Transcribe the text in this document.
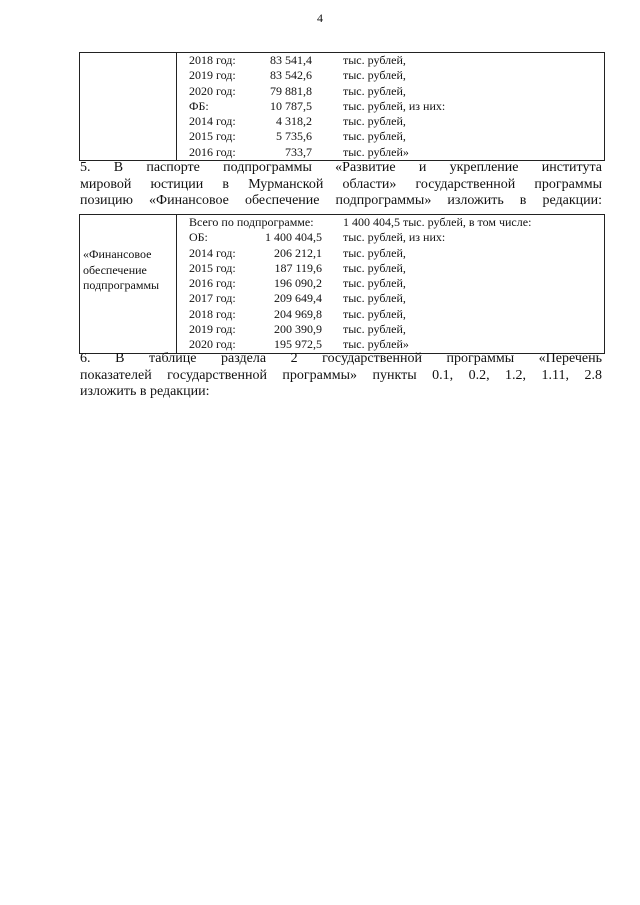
4

2018 год:	83 541,4	тыс. рублей,
2019 год:	83 542,6	тыс. рублей,
2020 год:	79 881,8	тыс. рублей,
ФБ:	10 787,5	тыс. рублей, из них:
2014 год:	4 318,2	тыс. рублей,
2015 год:	5 735,6	тыс. рублей,
2016 год:	733,7	тыс. рублей»
5. В паспорте подпрограммы «Развитие и укрепление института
мировой юстиции в Мурманской области» государственной программы
позицию «Финансовое обеспечение подпрограммы» изложить в редакции:
«Финансовое
обеспечение
подпрограммы

Всего по подпрограмме: 1 400 404,5 тыс. рублей, в том числе:
ОБ:	1 400 404,5 тыс. рублей, из них:
2014 год:	206 212,1 тыс. рублей,
2015 год:	187 119,6 тыс. рублей,
2016 год:	196 090,2 тыс. рублей,
2017 год:	209 649,4 тыс. рублей,
2018 год:	204 969,8 тыс. рублей,
2019 год:	200 390,9 тыс. рублей,
2020 год:	195 972,5 тыс. рублей»
6. В таблице раздела 2 государственной программы «Перечень
показателей государственной программы» пункты 0.1, 0.2, 1.2, 1.11, 2.8
изложить в редакции:
